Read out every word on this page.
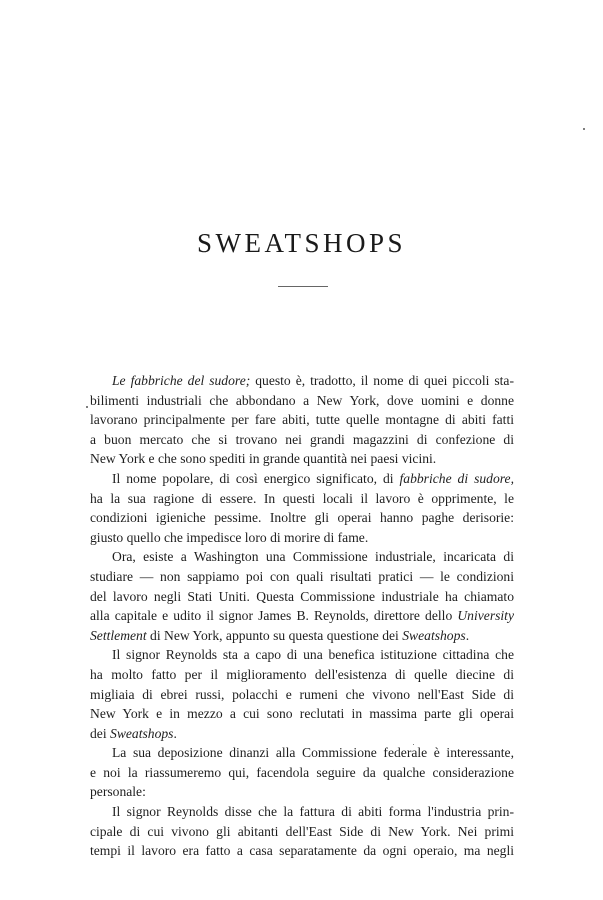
SWEATSHOPS
Le fabbriche del sudore; questo è, tradotto, il nome di quei piccoli sta-
bilimenti industriali che abbondano a New York, dove uomini e donne
lavorano principalmente per fare abiti, tutte quelle montagne di abiti fatti
a buon mercato che si trovano nei grandi magazzini di confezione di
New York e che sono spediti in grande quantità nei paesi vicini.
Il nome popolare, di così energico significato, di fabbriche di sudore,
ha la sua ragione di essere. In questi locali il lavoro è opprimente, le
condizioni igieniche pessime. Inoltre gli operai hanno paghe derisorie:
giusto quello che impedisce loro di morire di fame.
Ora, esiste a Washington una Commissione industriale, incaricata di
studiare — non sappiamo poi con quali risultati pratici — le condizioni
del lavoro negli Stati Uniti. Questa Commissione industriale ha chiamato
alla capitale e udito il signor James B. Reynolds, direttore dello University
Settlement di New York, appunto su questa questione dei Sweatshops.
Il signor Reynolds sta a capo di una benefica istituzione cittadina che
ha molto fatto per il miglioramento dell'esistenza di quelle diecine di
migliaia di ebrei russi, polacchi e rumeni che vivono nell'East Side di
New York e in mezzo a cui sono reclutati in massima parte gli operai
dei Sweatshops.
La sua deposizione dinanzi alla Commissione federale è interessante,
e noi la riassumeremo qui, facendola seguire da qualche considerazione
personale:
Il signor Reynolds disse che la fattura di abiti forma l'industria prin-
cipale di cui vivono gli abitanti dell'East Side di New York. Nei primi
tempi il lavoro era fatto a casa separatamente da ogni operaio, ma negli
